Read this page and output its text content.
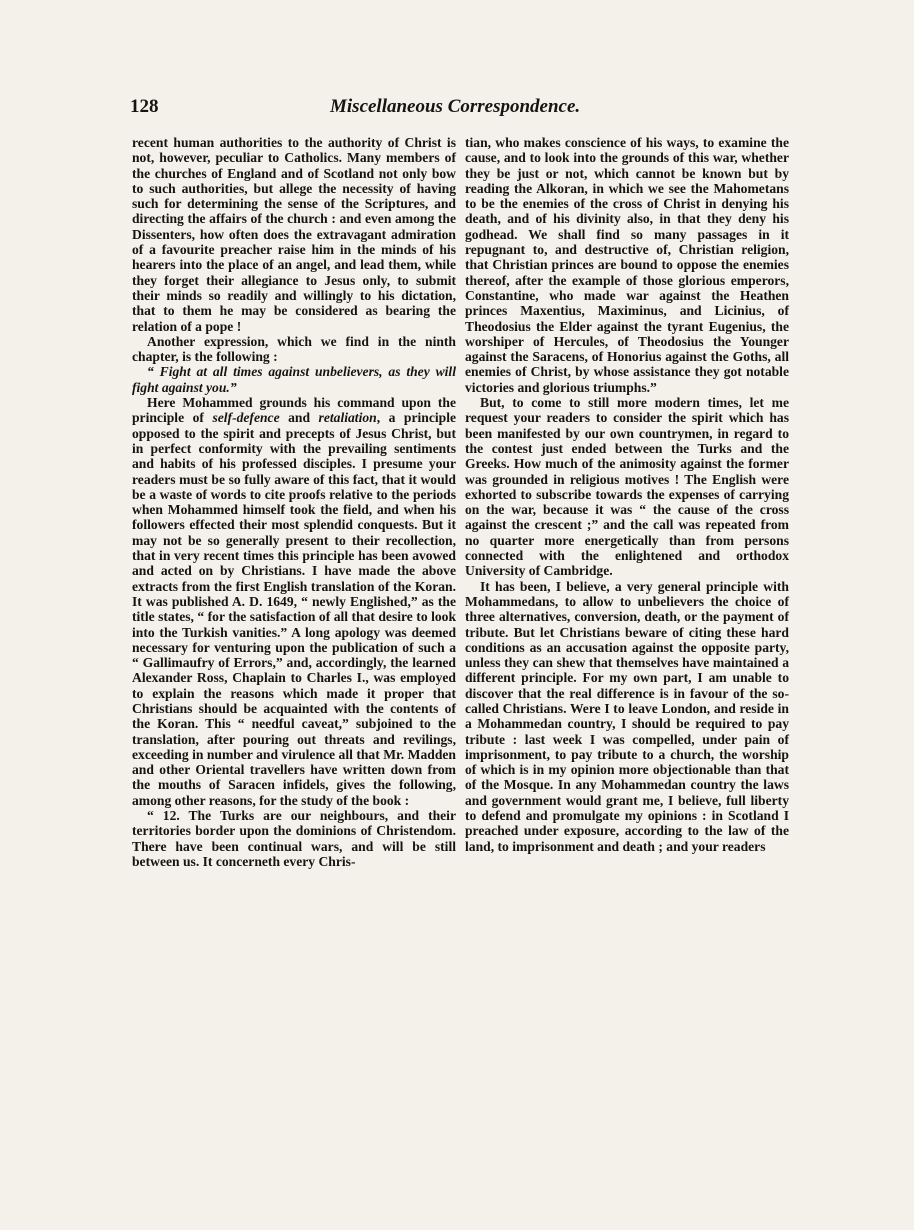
128	Miscellaneous Correspondence.

recent human authorities to the authority of Christ is not, however, peculiar to Catholics. Many members of the churches of England and of Scotland not only bow to such authorities, but allege the necessity of having such for determining the sense of the Scriptures, and directing the affairs of the church : and even among the Dissenters, how often does the extravagant admiration of a favourite preacher raise him in the minds of his hearers into the place of an angel, and lead them, while they forget their allegiance to Jesus only, to submit their minds so readily and willingly to his dictation, that to them he may be considered as bearing the relation of a pope !

Another expression, which we find in the ninth chapter, is the following :

“ Fight at all times against unbelievers, as they will fight against you.”

Here Mohammed grounds his command upon the principle of self-defence and retaliation, a principle opposed to the spirit and precepts of Jesus Christ, but in perfect conformity with the prevailing sentiments and habits of his professed disciples. I presume your readers must be so fully aware of this fact, that it would be a waste of words to cite proofs relative to the periods when Mohammed himself took the field, and when his followers effected their most splendid conquests. But it may not be so generally present to their recollection, that in very recent times this principle has been avowed and acted on by Christians. I have made the above extracts from the first English translation of the Koran. It was published A. D. 1649, “ newly Englished,” as the title states, “ for the satisfaction of all that desire to look into the Turkish vanities.” A long apology was deemed necessary for venturing upon the publication of such a “ Gallimaufry of Errors,” and, accordingly, the learned Alexander Ross, Chaplain to Charles I., was employed to explain the reasons which made it proper that Christians should be acquainted with the contents of the Koran. This “ needful caveat,” subjoined to the translation, after pouring out threats and revilings, exceeding in number and virulence all that Mr. Madden and other Oriental travellers have written down from the mouths of Saracen infidels, gives the following, among other reasons, for the study of the book :

“ 12. The Turks are our neighbours, and their territories border upon the dominions of Christendom. There have been continual wars, and will be still between us. It concerneth every Chris-

tian, who makes conscience of his ways, to examine the cause, and to look into the grounds of this war, whether they be just or not, which cannot be known but by reading the Alkoran, in which we see the Mahometans to be the enemies of the cross of Christ in denying his death, and of his divinity also, in that they deny his godhead. We shall find so many passages in it repugnant to, and destructive of, Christian religion, that Christian princes are bound to oppose the enemies thereof, after the example of those glorious emperors, Constantine, who made war against the Heathen princes Maxentius, Maximinus, and Licinius, of Theodosius the Elder against the tyrant Eugenius, the worshiper of Hercules, of Theodosius the Younger against the Saracens, of Honorius against the Goths, all enemies of Christ, by whose assistance they got notable victories and glorious triumphs.”

But, to come to still more modern times, let me request your readers to consider the spirit which has been manifested by our own countrymen, in regard to the contest just ended between the Turks and the Greeks. How much of the animosity against the former was grounded in religious motives ! The English were exhorted to subscribe towards the expenses of carrying on the war, because it was “ the cause of the cross against the crescent ;” and the call was repeated from no quarter more energetically than from persons connected with the enlightened and orthodox University of Cambridge.

It has been, I believe, a very general principle with Mohammedans, to allow to unbelievers the choice of three alternatives, conversion, death, or the payment of tribute. But let Christians beware of citing these hard conditions as an accusation against the opposite party, unless they can shew that themselves have maintained a different principle. For my own part, I am unable to discover that the real difference is in favour of the so-called Christians. Were I to leave London, and reside in a Mohammedan country, I should be required to pay tribute : last week I was compelled, under pain of imprisonment, to pay tribute to a church, the worship of which is in my opinion more objectionable than that of the Mosque. In any Mohammedan country the laws and government would grant me, I believe, full liberty to defend and promulgate my opinions : in Scotland I preached under exposure, according to the law of the land, to imprisonment and death ; and your readers
